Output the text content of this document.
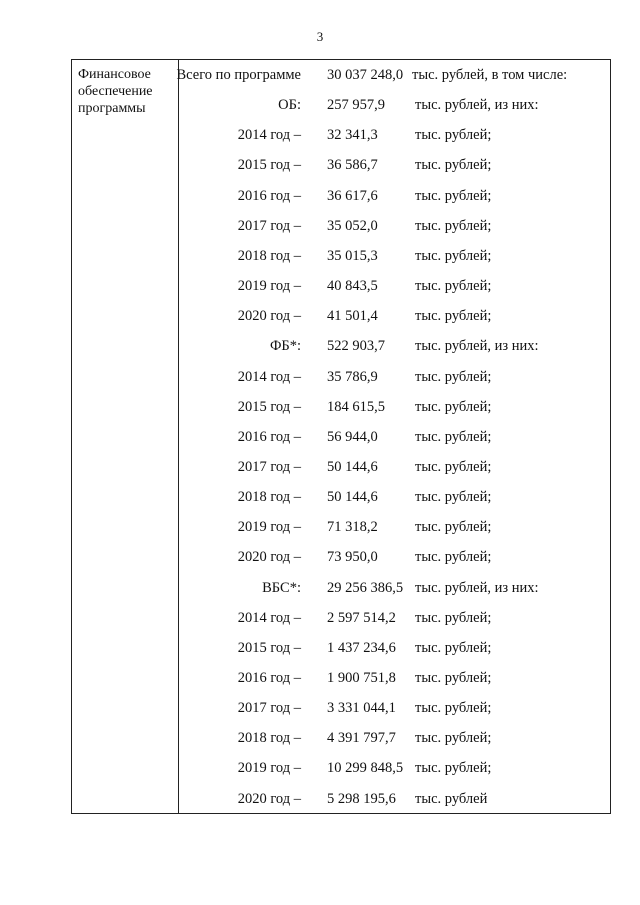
3
Финансовое обеспечение программы
Всего по программе 30 037 248,0 тыс. рублей, в том числе:
ОБ: 257 957,9 тыс. рублей, из них:
2014 год – 32 341,3	тыс. рублей;
2015 год – 36 586,7	тыс. рублей;
2016 год – 36 617,6	тыс. рублей;
2017 год – 35 052,0	тыс. рублей;
2018 год – 35 015,3	тыс. рублей;
2019 год – 40 843,5	тыс. рублей;
2020 год – 41 501,4	тыс. рублей;
ФБ*: 522 903,7 тыс. рублей, из них:
2014 год – 35 786,9	тыс. рублей;
2015 год – 184 615,5 тыс. рублей;
2016 год – 56 944,0	тыс. рублей;
2017 год – 50 144,6	тыс. рублей;
2018 год – 50 144,6	тыс. рублей;
2019 год – 71 318,2	тыс. рублей;
2020 год – 73 950,0	тыс. рублей;
ВБС*: 29 256 386,5 тыс. рублей, из них:
2014 год – 2 597 514,2 тыс. рублей;
2015 год – 1 437 234,6 тыс. рублей;
2016 год – 1 900 751,8 тыс. рублей;
2017 год – 3 331 044,1 тыс. рублей;
2018 год – 4 391 797,7 тыс. рублей;
2019 год – 10 299 848,5 тыс. рублей;
2020 год – 5 298 195,6 тыс. рублей
